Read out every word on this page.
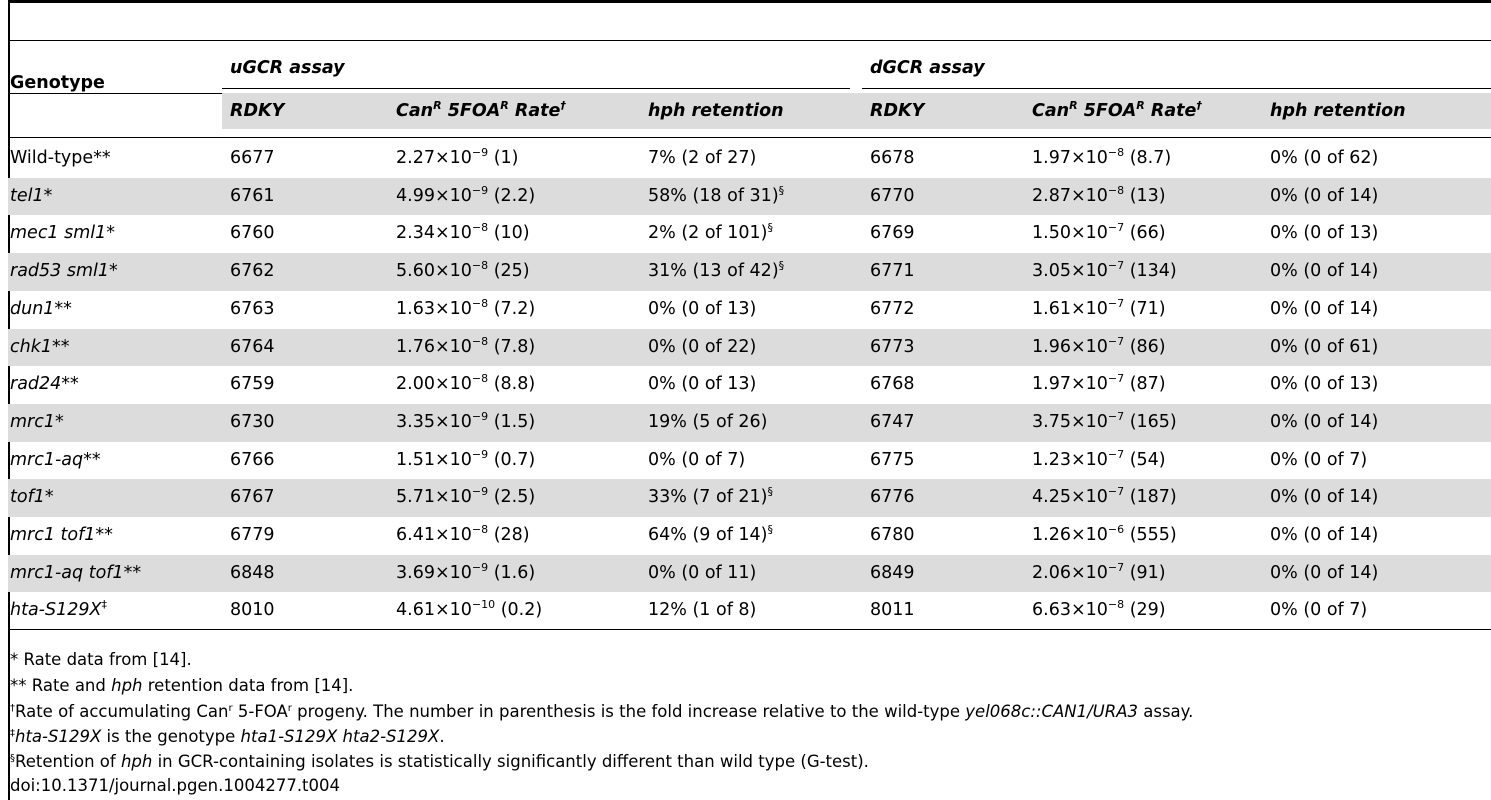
Genotype
uGCR assay	dGCR assay
RDKY	Can$^R$ $5FOA^R$ Rate†	hph retention	RDKY	Can$^R$ $5FOA^R$ Rate†	hph retention
Wild-type**	6677	$2.27\times 10^{-9}$ (1)	7% (2 of 27)	6678	$1.97\times 10^{-8}$ (8.7)	0% (0 of 62)
tel1*	6761	$4.99\times 10^{-9}$ (2.2)	58% (18 of 31)§	6770	$2.87\times 10^{-8}$ (13)	0% (0 of 14)
mec1 sml1*	6760	$2.34\times 10^{-8}$ (10)	2% (2 of 101)§	6769	$1.50\times 10^{-7}$ (66)	0% (0 of 13)
rad53 sml1*	6762	$5.60\times 10^{-8}$ (25)	31% (13 of 42)§	6771	$3.05\times 10^{-7}$ (134)	0% (0 of 14)
dun1**	6763	$1.63\times 10^{-8}$ (7.2)	0% (0 of 13)	6772	$1.61\times 10^{-7}$ (71)	0% (0 of 14)
chk1**	6764	$1.76\times 10^{-8}$ (7.8)	0% (0 of 22)	6773	$1.96\times 10^{-7}$ (86)	0% (0 of 61)
rad24**	6759	$2.00\times 10^{-8}$ (8.8)	0% (0 of 13)	6768	$1.97\times 10^{-7}$ (87)	0% (0 of 13)
mrc1*	6730	$3.35\times 10^{-9}$ (1.5)	19% (5 of 26)	6747	$3.75\times 10^{-7}$ (165)	0% (0 of 14)
mrc1-aq**	6766	$1.51\times 10^{-9}$ (0.7)	0% (0 of 7)	6775	$1.23\times 10^{-7}$ (54)	0% (0 of 7)
tof1*	6767	$5.71\times 10^{-9}$ (2.5)	33% (7 of 21)§	6776	$4.25\times 10^{-7}$ (187)	0% (0 of 14)
mrc1 tof1**	6779	$6.41\times 10^{-8}$ (28)	64% (9 of 14)§	6780	$1.26\times 10^{-6}$ (555)	0% (0 of 14)
mrc1-aq tof1**	6848	$3.69\times 10^{-9}$ (1.6)	0% (0 of 11)	6849	$2.06\times 10^{-7}$ (91)	0% (0 of 14)
hta-S129X‡	8010	$4.61\times 10^{-10}$ (0.2)	12% (1 of 8)	8011	$6.63\times 10^{-8}$ (29)	0% (0 of 7)
* Rate data from [14].
** Rate and hph retention data from [14].
†Rate of accumulating Can$^r$ 5-FOA$^r$ progeny. The number in parenthesis is the fold increase relative to the wild-type yel068c::CAN1/URA3 assay.
‡hta-S129X is the genotype hta1-S129X hta2-S129X.
§Retention of hph in GCR-containing isolates is statistically significantly different than wild type (G-test).
doi:10.1371/journal.pgen.1004277.t004
